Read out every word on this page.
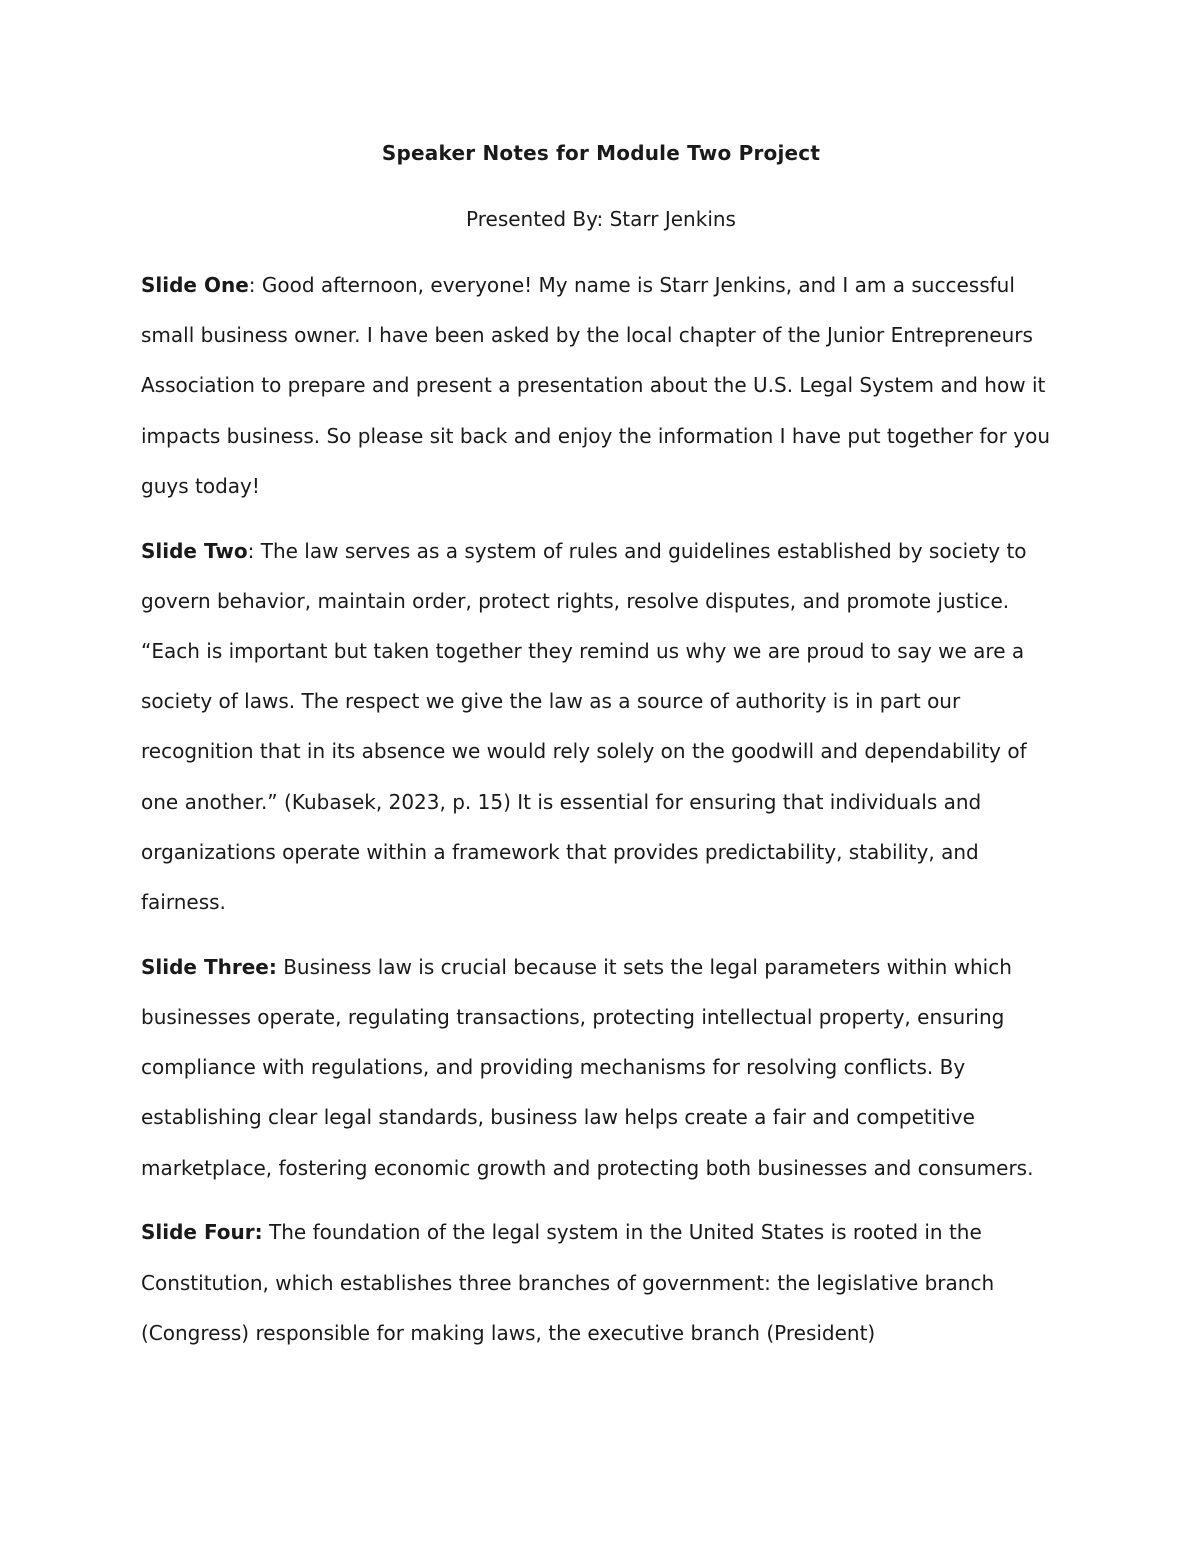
Speaker Notes for Module Two Project

Presented By: Starr Jenkins

Slide One: Good afternoon, everyone! My name is Starr Jenkins, and I am a successful small business owner. I have been asked by the local chapter of the Junior Entrepreneurs Association to prepare and present a presentation about the U.S. Legal System and how it impacts business. So please sit back and enjoy the information I have put together for you guys today!

Slide Two: The law serves as a system of rules and guidelines established by society to govern behavior, maintain order, protect rights, resolve disputes, and promote justice. “Each is important but taken together they remind us why we are proud to say we are a society of laws. The respect we give the law as a source of authority is in part our recognition that in its absence we would rely solely on the goodwill and dependability of one another.” (Kubasek, 2023, p. 15) It is essential for ensuring that individuals and organizations operate within a framework that provides predictability, stability, and fairness.

Slide Three: Business law is crucial because it sets the legal parameters within which businesses operate, regulating transactions, protecting intellectual property, ensuring compliance with regulations, and providing mechanisms for resolving conflicts. By establishing clear legal standards, business law helps create a fair and competitive marketplace, fostering economic growth and protecting both businesses and consumers.

Slide Four: The foundation of the legal system in the United States is rooted in the Constitution, which establishes three branches of government: the legislative branch (Congress) responsible for making laws, the executive branch (President)
